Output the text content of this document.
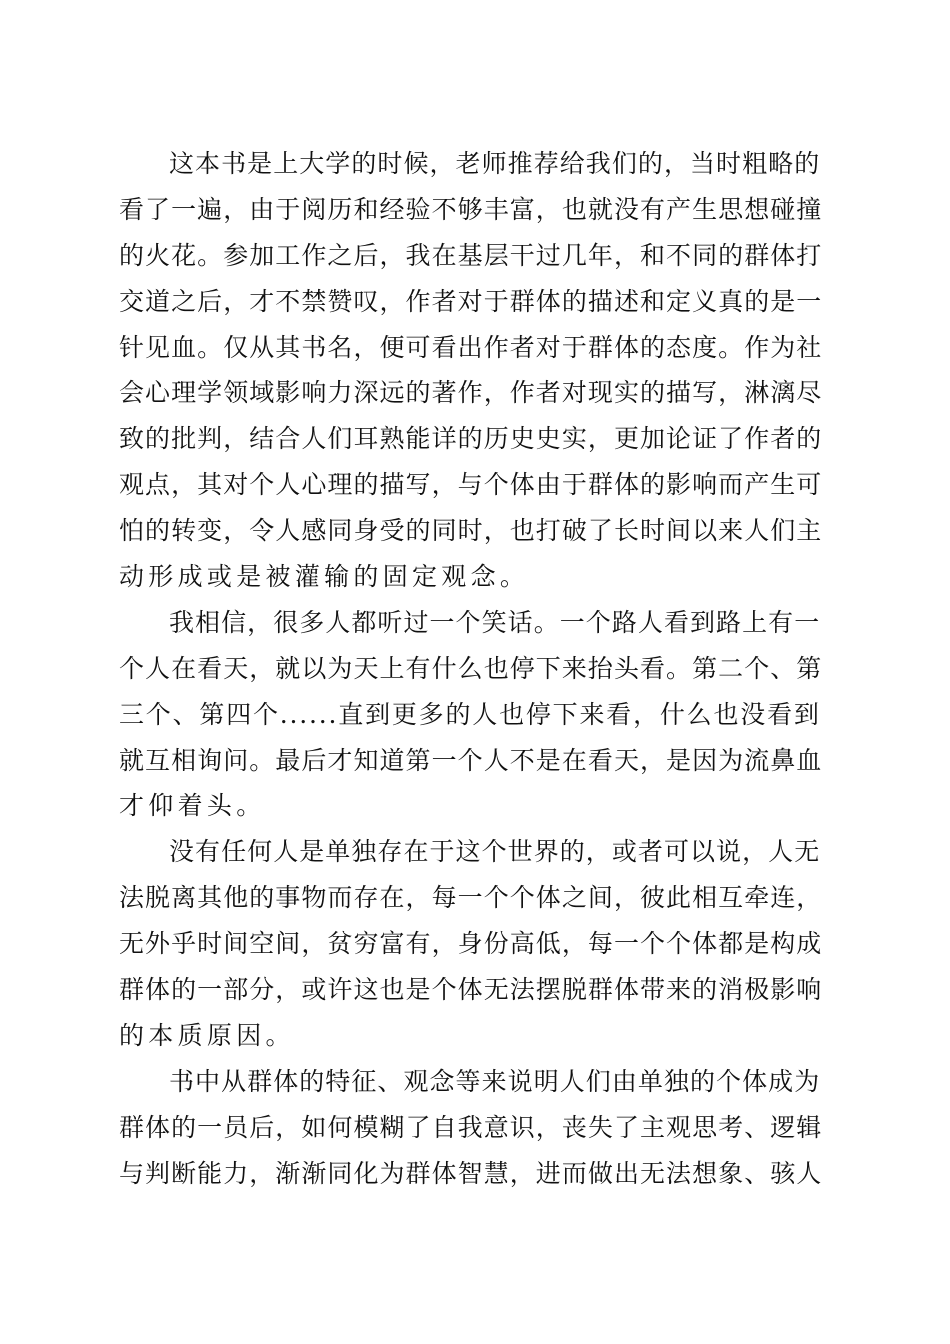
这本书是上大学的时候，老师推荐给我们的，当时粗略的
看了一遍，由于阅历和经验不够丰富，也就没有产生思想碰撞
的火花。参加工作之后，我在基层干过几年，和不同的群体打
交道之后，才不禁赞叹，作者对于群体的描述和定义真的是一
针见血。仅从其书名，便可看出作者对于群体的态度。作为社
会心理学领域影响力深远的著作，作者对现实的描写，淋漓尽
致的批判，结合人们耳熟能详的历史史实，更加论证了作者的
观点，其对个人心理的描写，与个体由于群体的影响而产生可
怕的转变，令人感同身受的同时，也打破了长时间以来人们主
动形成或是被灌输的固定观念。

我相信，很多人都听过一个笑话。一个路人看到路上有一
个人在看天，就以为天上有什么也停下来抬头看。第二个、第
三个、第四个......直到更多的人也停下来看，什么也没看到
就互相询问。最后才知道第一个人不是在看天，是因为流鼻血
才仰着头。

没有任何人是单独存在于这个世界的，或者可以说，人无
法脱离其他的事物而存在，每一个个体之间，彼此相互牵连，
无外乎时间空间，贫穷富有，身份高低，每一个个体都是构成
群体的一部分，或许这也是个体无法摆脱群体带来的消极影响
的本质原因。

书中从群体的特征、观念等来说明人们由单独的个体成为
群体的一员后，如何模糊了自我意识，丧失了主观思考、逻辑
与判断能力，渐渐同化为群体智慧，进而做出无法想象、骇人
